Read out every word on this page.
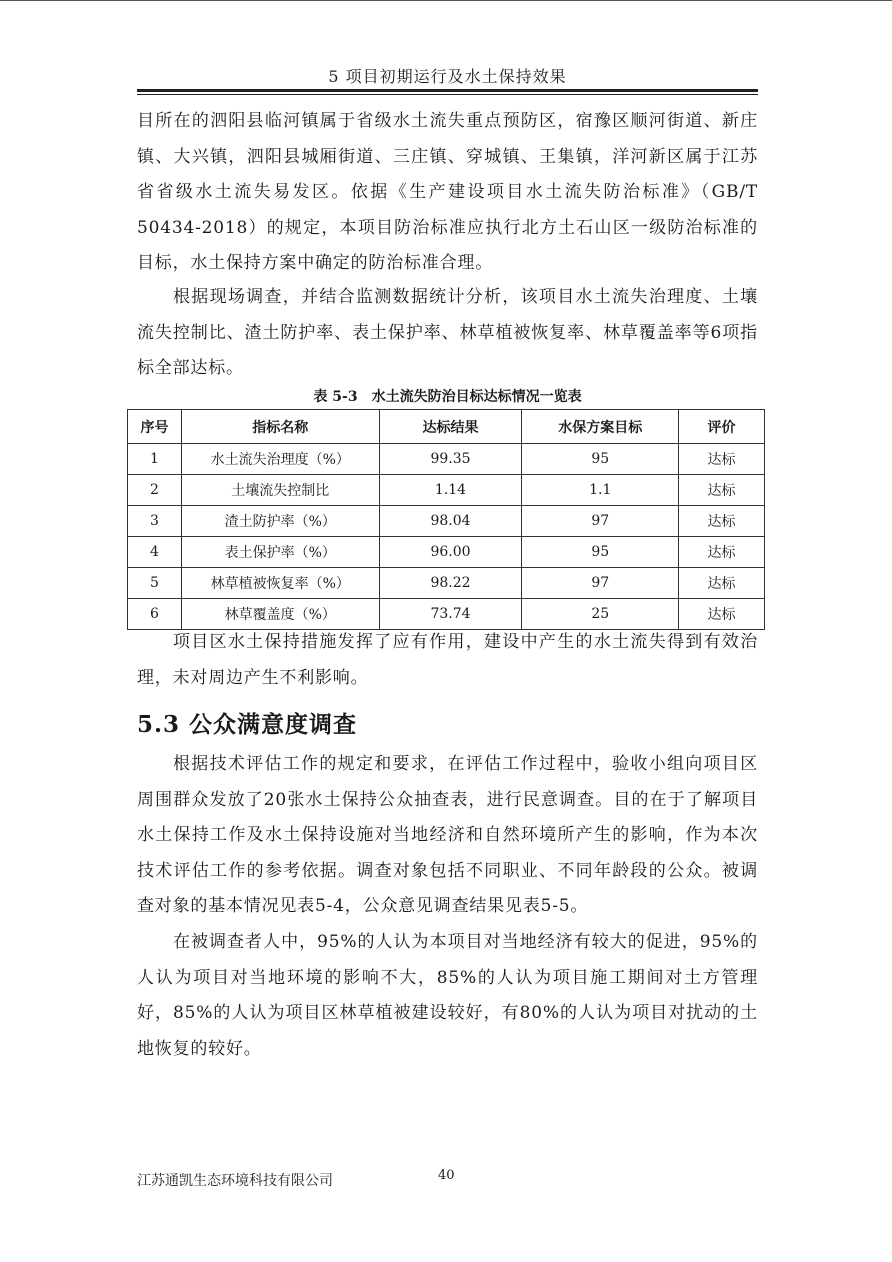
5 项目初期运行及水土保持效果

目所在的泗阳县临河镇属于省级水土流失重点预防区，宿豫区顺河街道、新庄镇、大兴镇，泗阳县城厢街道、三庄镇、穿城镇、王集镇，洋河新区属于江苏省省级水土流失易发区。依据《生产建设项目水土流失防治标准》（GB/T 50434-2018）的规定，本项目防治标准应执行北方土石山区一级防治标准的目标，水土保持方案中确定的防治标准合理。

根据现场调查，并结合监测数据统计分析，该项目水土流失治理度、土壤流失控制比、渣土防护率、表土保护率、林草植被恢复率、林草覆盖率等6项指标全部达标。

表 5-3　水土流失防治目标达标情况一览表
序号	指标名称	达标结果	水保方案目标	评价
1	水土流失治理度（%）	99.35	95	达标
2	土壤流失控制比	1.14	1.1	达标
3	渣土防护率（%）	98.04	97	达标
4	表土保护率（%）	96.00	95	达标
5	林草植被恢复率（%）	98.22	97	达标
6	林草覆盖度（%）	73.74	25	达标

项目区水土保持措施发挥了应有作用，建设中产生的水土流失得到有效治理，未对周边产生不利影响。

5.3 公众满意度调查

根据技术评估工作的规定和要求，在评估工作过程中，验收小组向项目区周围群众发放了20张水土保持公众抽查表，进行民意调查。目的在于了解项目水土保持工作及水土保持设施对当地经济和自然环境所产生的影响，作为本次技术评估工作的参考依据。调查对象包括不同职业、不同年龄段的公众。被调查对象的基本情况见表5-4，公众意见调查结果见表5-5。

在被调查者人中，95%的人认为本项目对当地经济有较大的促进，95%的人认为项目对当地环境的影响不大，85%的人认为项目施工期间对土方管理好，85%的人认为项目区林草植被建设较好，有80%的人认为项目对扰动的土地恢复的较好。

江苏通凯生态环境科技有限公司	40
